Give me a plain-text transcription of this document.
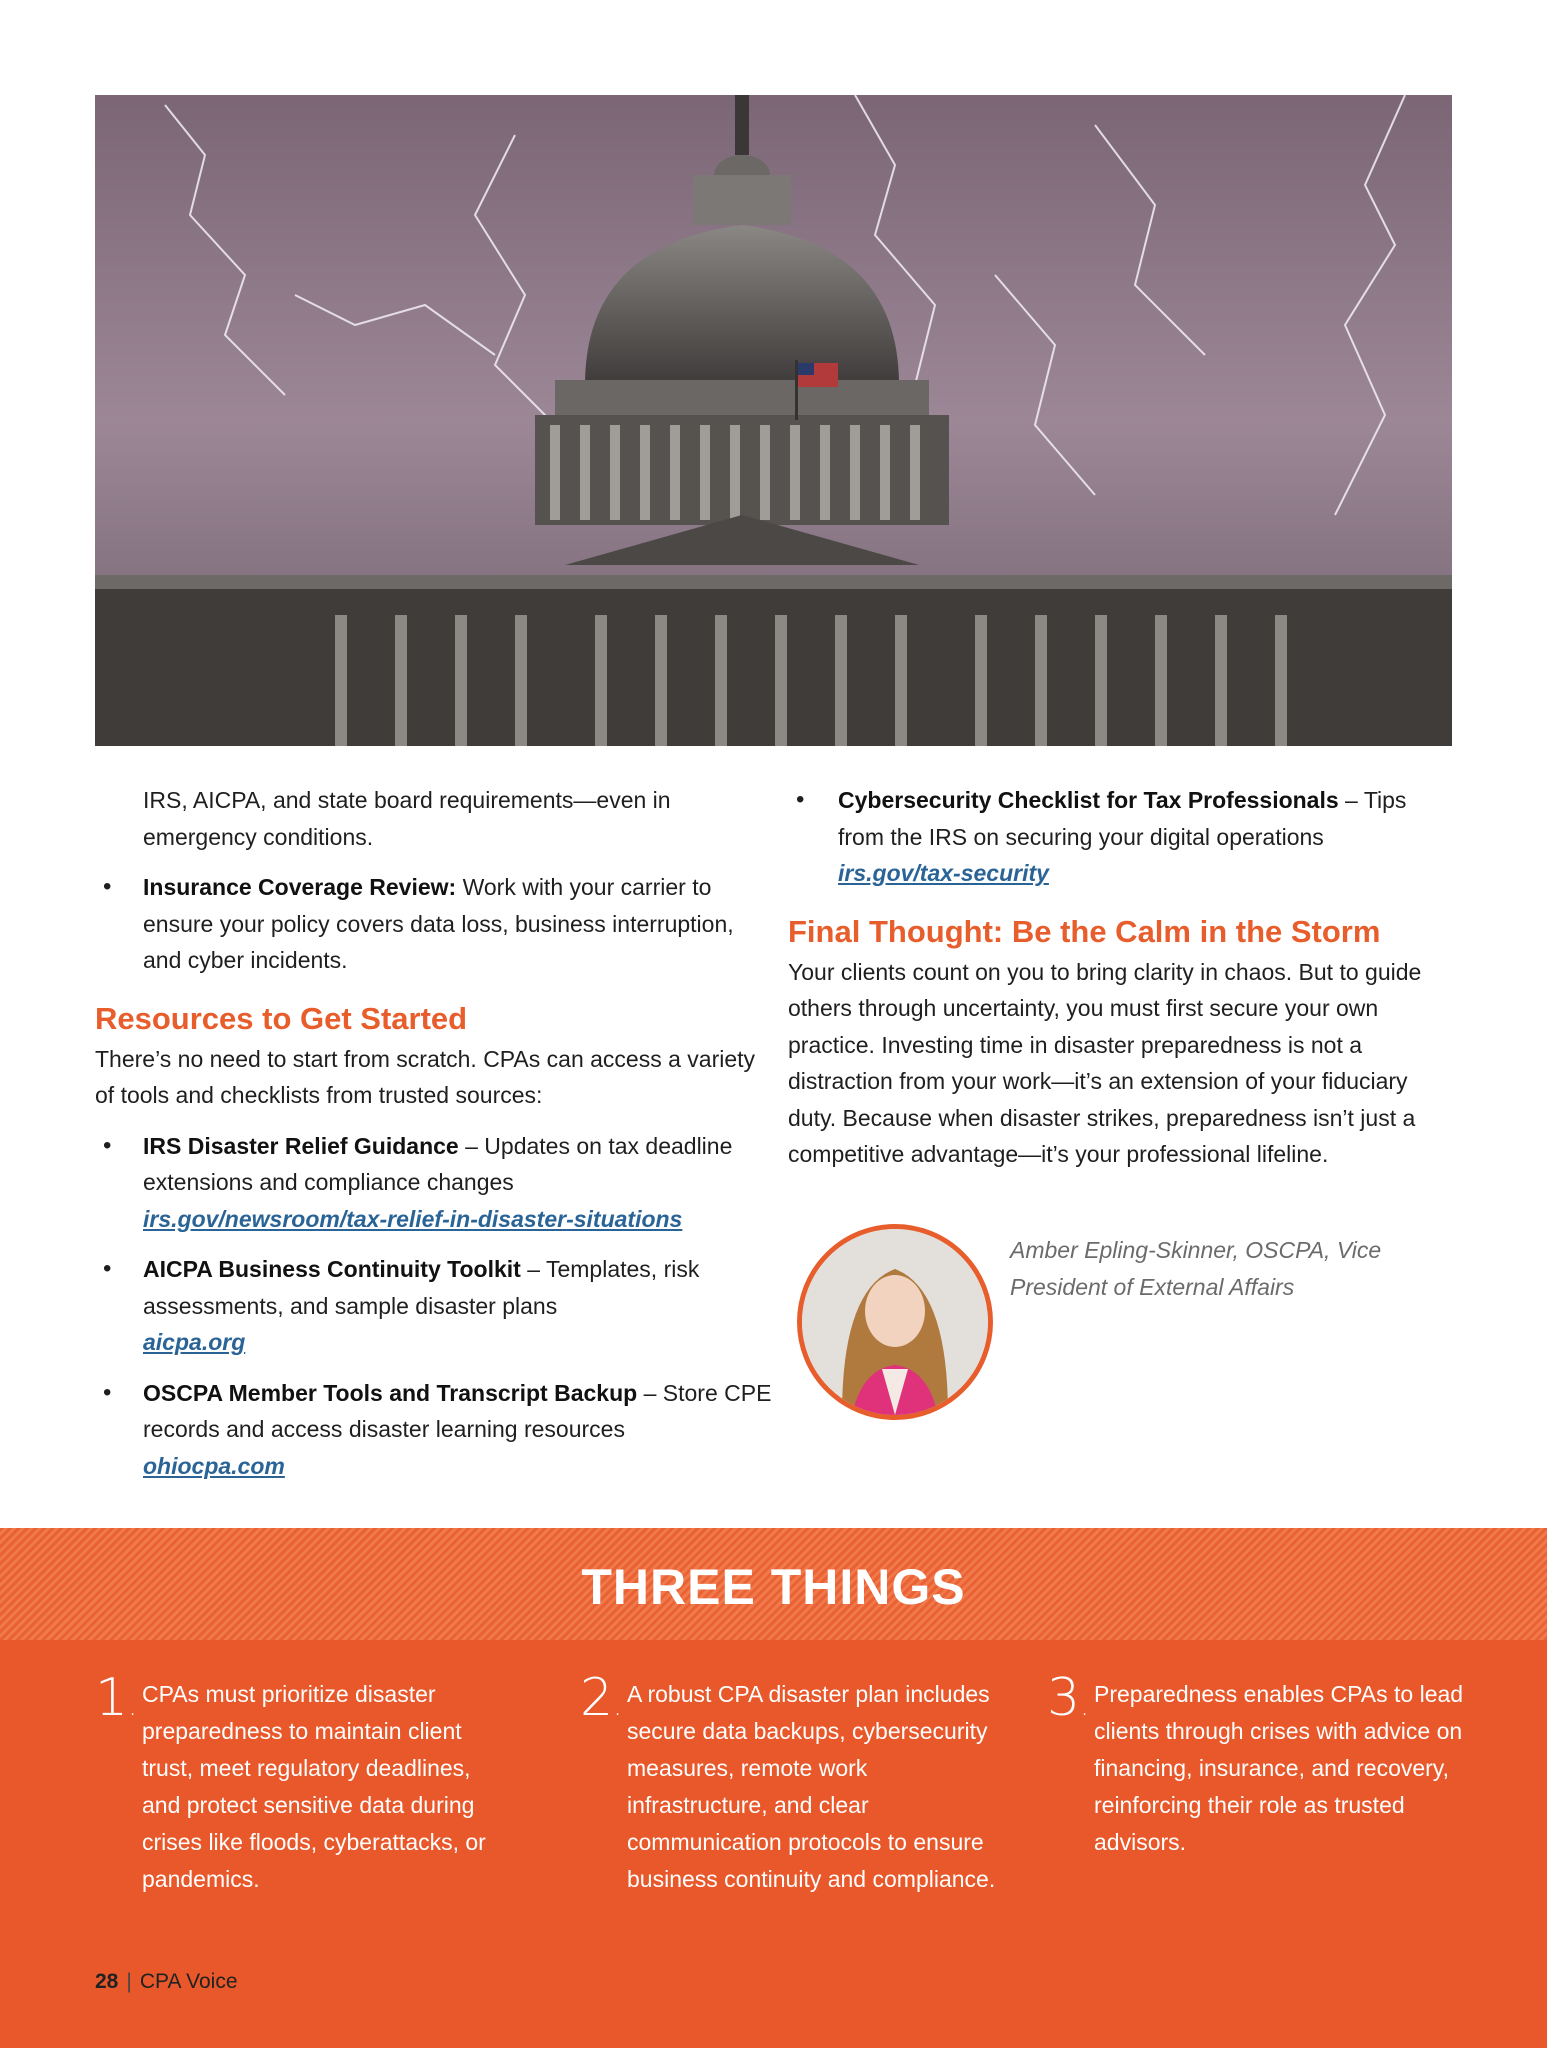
IRS, AICPA, and state board requirements—even in emergency conditions.

• Insurance Coverage Review: Work with your carrier to ensure your policy covers data loss, business interruption, and cyber incidents.

Resources to Get Started

There’s no need to start from scratch. CPAs can access a variety of tools and checklists from trusted sources:

• IRS Disaster Relief Guidance – Updates on tax deadline extensions and compliance changes
irs.gov/newsroom/tax-relief-in-disaster-situations

• AICPA Business Continuity Toolkit – Templates, risk assessments, and sample disaster plans
aicpa.org

• OSCPA Member Tools and Transcript Backup – Store CPE records and access disaster learning resources
ohiocpa.com

• Cybersecurity Checklist for Tax Professionals – Tips from the IRS on securing your digital operations
irs.gov/tax-security

Final Thought: Be the Calm in the Storm

Your clients count on you to bring clarity in chaos. But to guide others through uncertainty, you must first secure your own practice. Investing time in disaster preparedness is not a distraction from your work—it’s an extension of your fiduciary duty. Because when disaster strikes, preparedness isn’t just a competitive advantage—it’s your professional lifeline.

Amber Epling-Skinner, OSCPA, Vice President of External Affairs
THREE THINGS
1 . CPAs must prioritize disaster preparedness to maintain client trust, meet regulatory deadlines, and protect sensitive data during crises like floods, cyberattacks, or pandemics.
2 . A robust CPA disaster plan includes secure data backups, cybersecurity measures, remote work infrastructure, and clear communication protocols to ensure business continuity and compliance.
3 . Preparedness enables CPAs to lead clients through crises with advice on financing, insurance, and recovery, reinforcing their role as trusted advisors.
28 | CPA Voice
